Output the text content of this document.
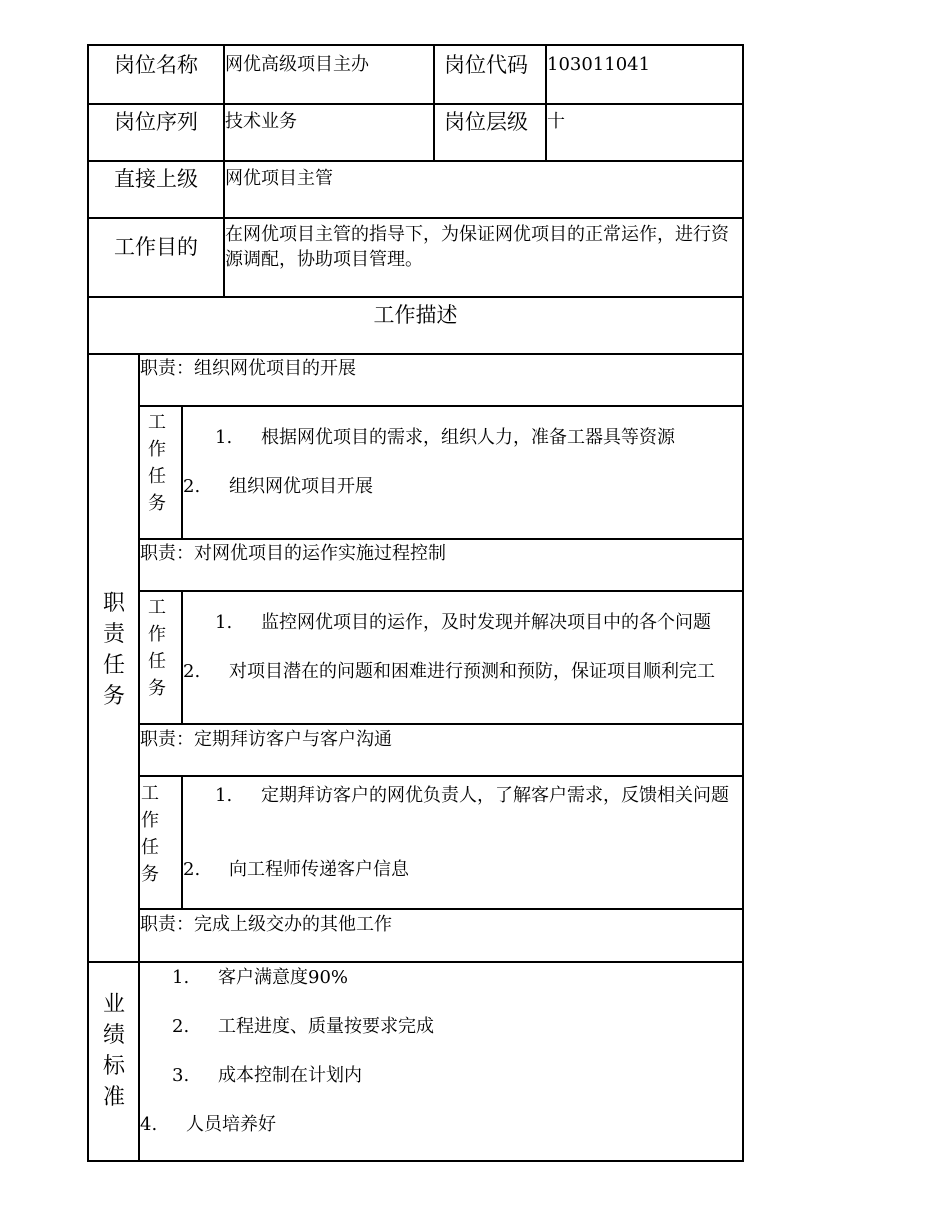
岗位名称 网优高级项目主办	岗位代码 103011041
岗位序列 技术业务	岗位层级 十
直接上级 网优项目主管
工作目的
在网优项目主管的指导下，为保证网优项目的正常运作，进行资源调配，协助项目管理。
工作描述
职
责
任
务
职责：组织网优项目的开展
工
作
任
务
1. 根据网优项目的需求，组织人力，准备工器具等资源
2. 组织网优项目开展
职责：对网优项目的运作实施过程控制
工
作
任
务
1. 监控网优项目的运作，及时发现并解决项目中的各个问题
2. 对项目潜在的问题和困难进行预测和预防，保证项目顺利完工
职责：定期拜访客户与客户沟通
工
作
任
务
1. 定期拜访客户的网优负责人，了解客户需求，反馈相关问题
2. 向工程师传递客户信息
职责：完成上级交办的其他工作
业
绩
标
准
1. 客户满意度90%
2. 工程进度、质量按要求完成
3. 成本控制在计划内
4. 人员培养好
